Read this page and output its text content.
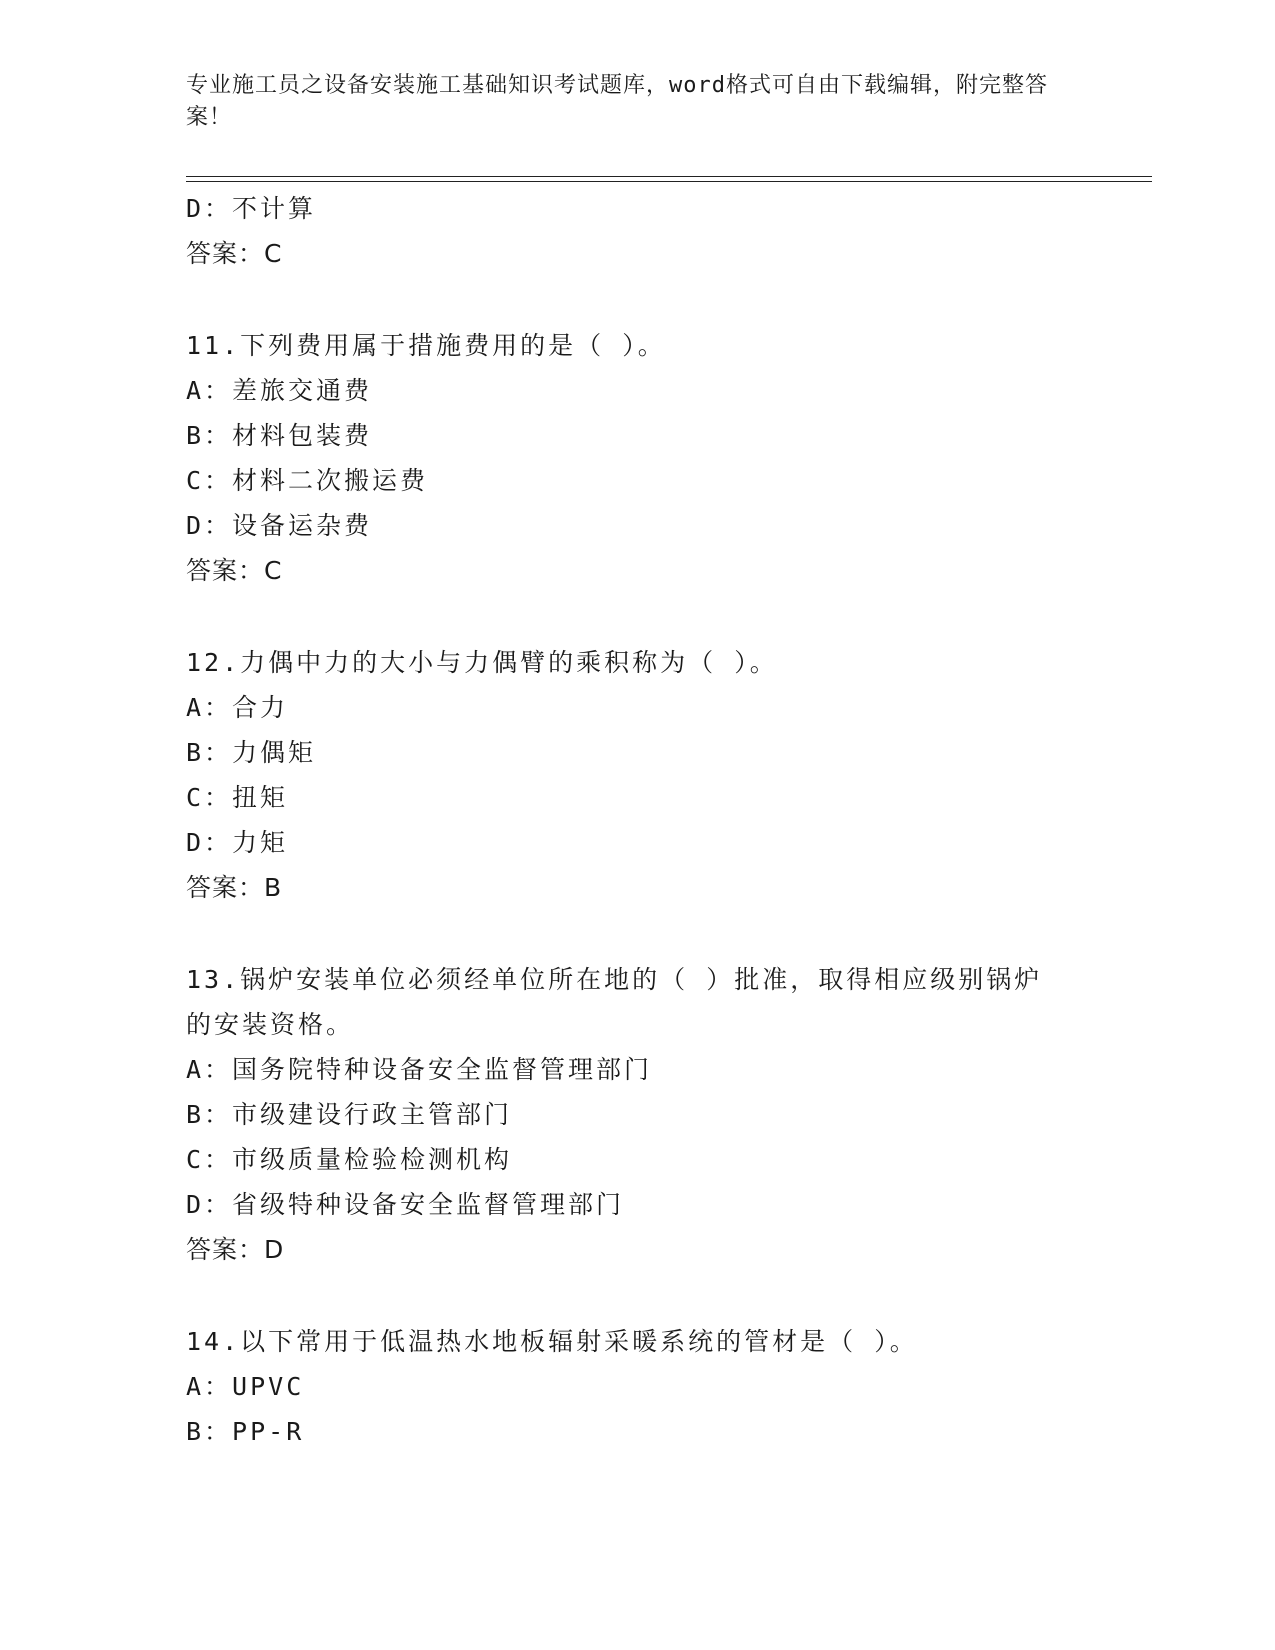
专业施工员之设备安装施工基础知识考试题库，word格式可自由下载编辑，附完整答案！
D：不计算
答案：C
11.下列费用属于措施费用的是（ ）。
A：差旅交通费
B：材料包装费
C：材料二次搬运费
D：设备运杂费
答案：C
12.力偶中力的大小与力偶臂的乘积称为（ ）。
A：合力
B：力偶矩
C：扭矩
D：力矩
答案：B
13.锅炉安装单位必须经单位所在地的（ ）批准，取得相应级别锅炉的安装资格。
A：国务院特种设备安全监督管理部门
B：市级建设行政主管部门
C：市级质量检验检测机构
D：省级特种设备安全监督管理部门
答案：D
14.以下常用于低温热水地板辐射采暖系统的管材是（ ）。
A：UPVC
B：PP-R
